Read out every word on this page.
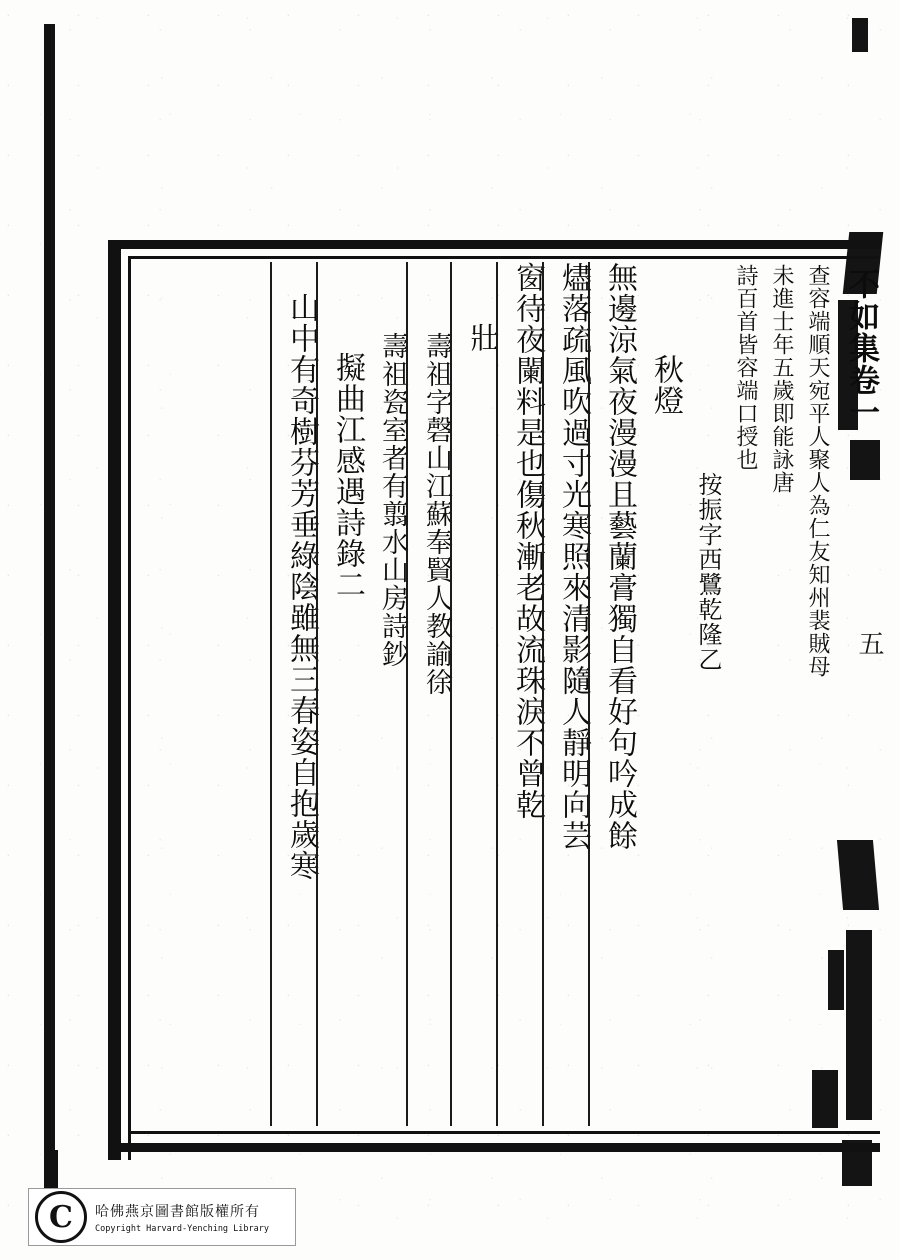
不如集卷一
查容端順天宛平人聚人為仁友知州裴賊母
未進士年五歲即能詠唐
詩百首皆容端口授也
按振字西鷺乾隆乙
秋燈
無邊涼氣夜漫漫且藝蘭膏獨自看好句吟成餘
燼落疏風吹過寸光寒照來清影隨人靜明向芸
窗待夜闌料是也傷秋漸老故流珠淚不曾乾
壯
壽祖字磬山江蘇奉賢人教諭徐
壽祖瓷室者有翦水山房詩鈔
擬曲江感遇詩錄二
山中有奇樹芬芳垂綠陰雖無三春姿自抱歲寒	五
C	哈佛燕京圖書館版權所有
Copyright Harvard-Yenching Library
